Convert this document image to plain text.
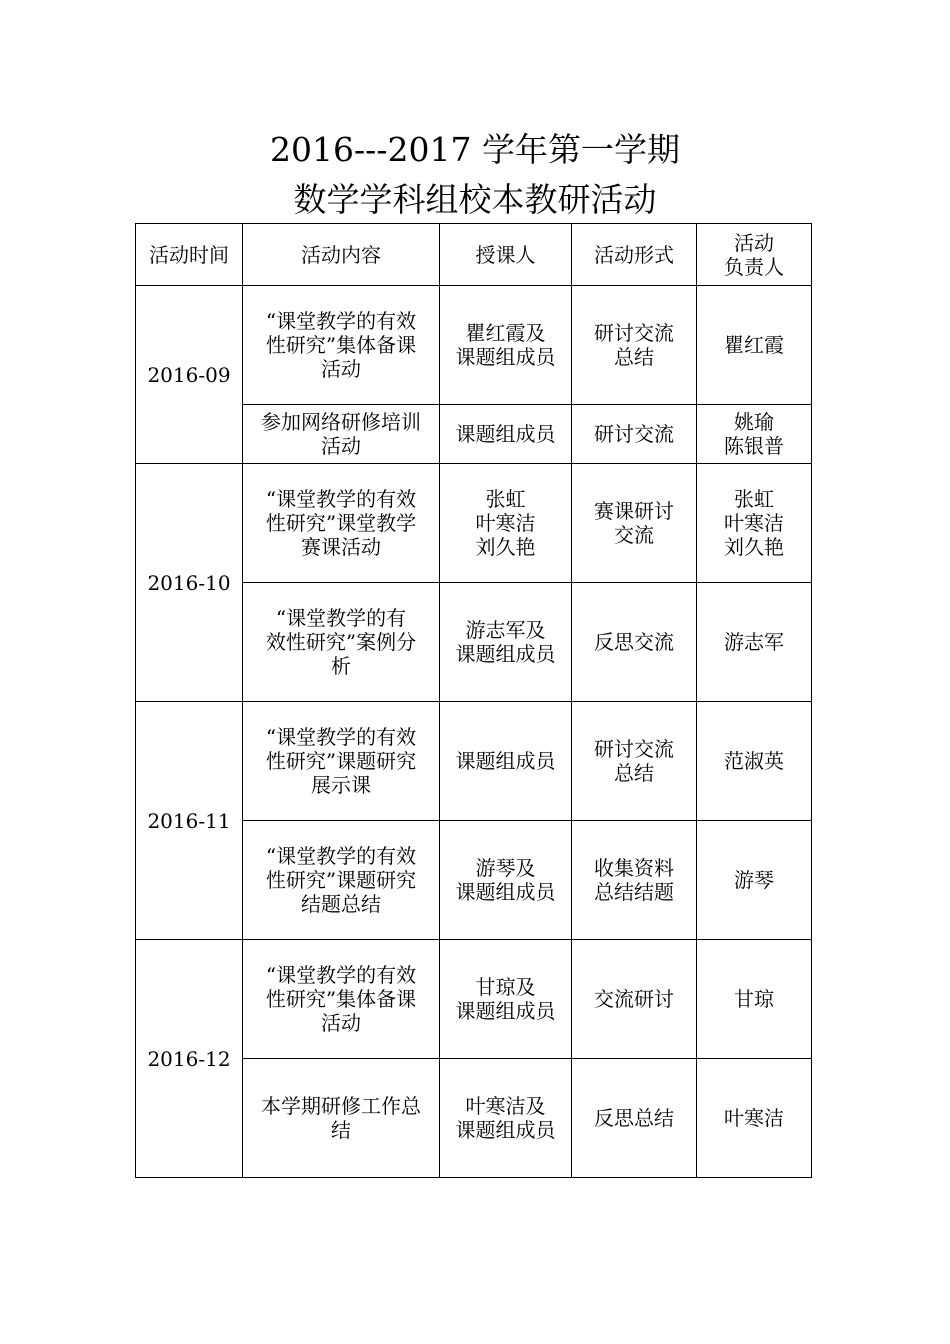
2016---2017 学年第一学期
数学学科组校本教研活动
活动时间	活动内容	授课人	活动形式	活动
负责人
2016-09	“课堂教学的有效
性研究”集体备课
活动	瞿红霞及
课题组成员	研讨交流
总结	瞿红霞
	参加网络研修培训
活动	课题组成员	研讨交流	姚瑜
陈银普
2016-10	“课堂教学的有效
性研究”课堂教学
赛课活动	张虹
叶寒洁
刘久艳	赛课研讨
交流	张虹
叶寒洁
刘久艳
	“课堂教学的有
效性研究”案例分
析	游志军及
课题组成员	反思交流	游志军
2016-11	“课堂教学的有效
性研究”课题研究
展示课	课题组成员	研讨交流
总结	范淑英
	“课堂教学的有效
性研究”课题研究
结题总结	游琴及
课题组成员	收集资料
总结结题	游琴
2016-12	“课堂教学的有效
性研究”集体备课
活动	甘琼及
课题组成员	交流研讨	甘琼
	本学期研修工作总
结	叶寒洁及
课题组成员	反思总结	叶寒洁
